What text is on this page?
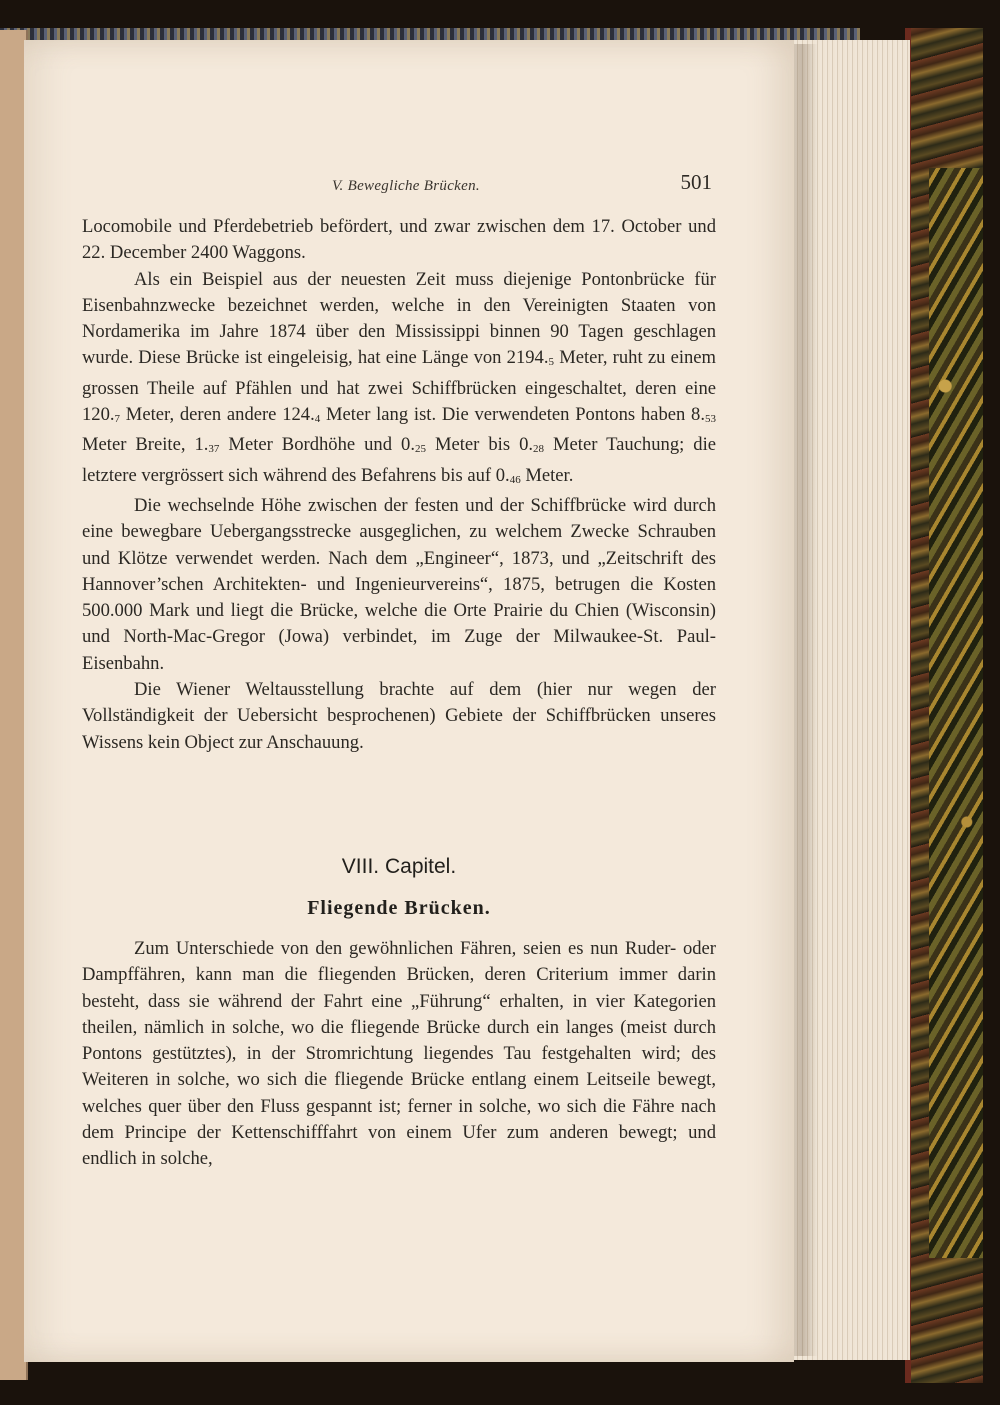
V. Bewegliche Brücken.	501

Locomobile und Pferdebetrieb befördert, und zwar zwischen dem 17. October und 22. December 2400 Waggons.

Als ein Beispiel aus der neuesten Zeit muss diejenige Pontonbrücke für Eisenbahnzwecke bezeichnet werden, welche in den Vereinigten Staaten von Nordamerika im Jahre 1874 über den Mississippi binnen 90 Tagen geschlagen wurde. Diese Brücke ist eingeleisig, hat eine Länge von $2194._5$ Meter, ruht zu einem grossen Theile auf Pfählen und hat zwei Schiffbrücken eingeschaltet, deren eine $120._7$ Meter, deren andere $124._4$ Meter lang ist. Die verwendeten Pontons haben $8._{53}$ Meter Breite, $1._{37}$ Meter Bordhöhe und $0._{25}$ Meter bis $0._{28}$ Meter Tauchung; die letztere vergrössert sich während des Befahrens bis auf $0._{46}$ Meter.

Die wechselnde Höhe zwischen der festen und der Schiffbrücke wird durch eine bewegbare Uebergangsstrecke ausgeglichen, zu welchem Zwecke Schrauben und Klötze verwendet werden. Nach dem „Engineer“, 1873, und „Zeitschrift des Hannover’schen Architekten- und Ingenieurvereins“, 1875, betrugen die Kosten 500.000 Mark und liegt die Brücke, welche die Orte Prairie du Chien (Wisconsin) und North-Mac-Gregor (Jowa) verbindet, im Zuge der Milwaukee-St. Paul-Eisenbahn.

Die Wiener Weltausstellung brachte auf dem (hier nur wegen der Vollständigkeit der Uebersicht besprochenen) Gebiete der Schiffbrücken unseres Wissens kein Object zur Anschauung.

VIII. Capitel.
Fliegende Brücken.

Zum Unterschiede von den gewöhnlichen Fähren, seien es nun Ruder- oder Dampffähren, kann man die fliegenden Brücken, deren Criterium immer darin besteht, dass sie während der Fahrt eine „Führung“ erhalten, in vier Kategorien theilen, nämlich in solche, wo die fliegende Brücke durch ein langes (meist durch Pontons gestütztes), in der Stromrichtung liegendes Tau festgehalten wird; des Weiteren in solche, wo sich die fliegende Brücke entlang einem Leitseile bewegt, welches quer über den Fluss gespannt ist; ferner in solche, wo sich die Fähre nach dem Principe der Kettenschifffahrt von einem Ufer zum anderen bewegt; und endlich in solche,
